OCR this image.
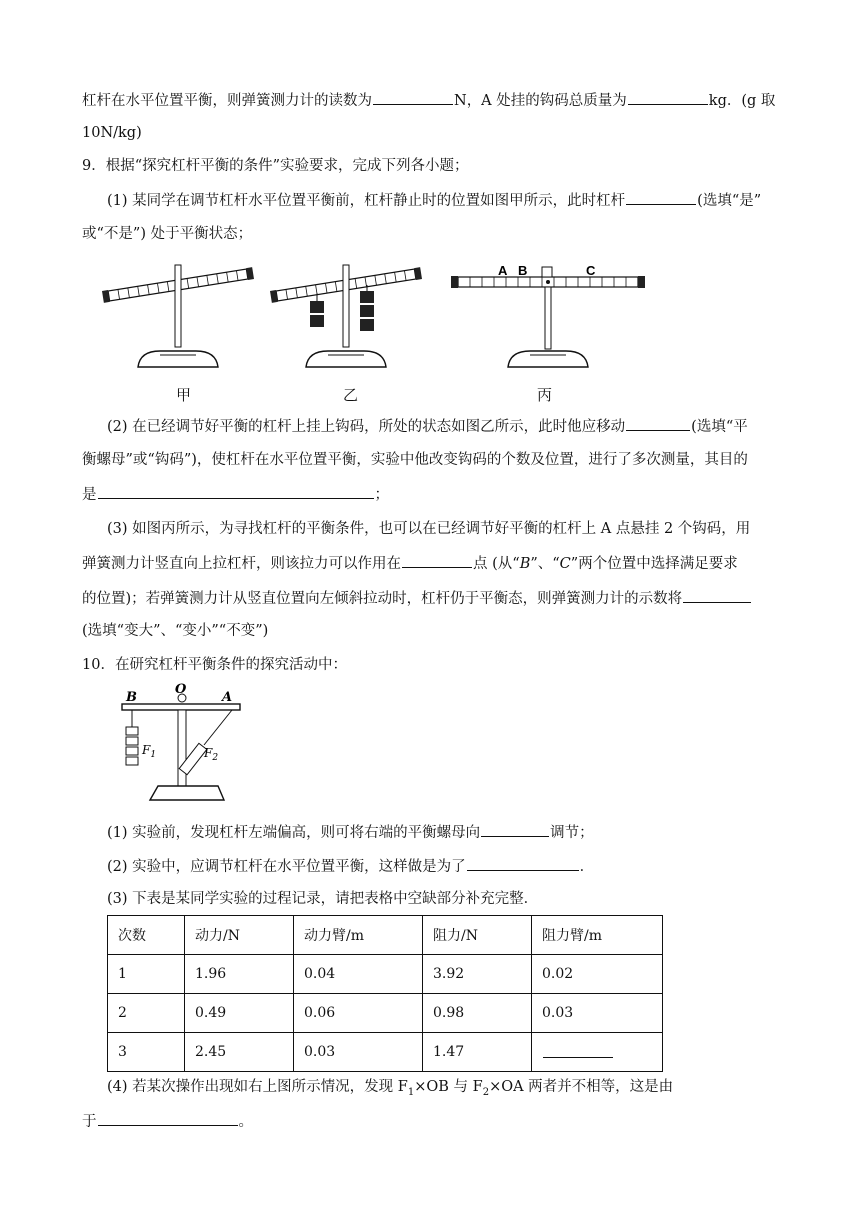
杠杆在水平位置平衡，则弹簧测力计的读数为	N，A 处挂的钩码总质量为	kg．(g 取
10N/kg)
9．根据“探究杠杆平衡的条件”实验要求，完成下列各小题；
(1) 某同学在调节杠杆水平位置平衡前，杠杆静止时的位置如图甲所示，此时杠杆	(选填“是”
或“不是”) 处于平衡状态；
甲	乙
A B	C
丙
(2) 在已经调节好平衡的杠杆上挂上钩码，所处的状态如图乙所示，此时他应移动	(选填“平
衡螺母”或“钩码”)，使杠杆在水平位置平衡，实验中他改变钩码的个数及位置，进行了多次测量，其目的
是	；
(3) 如图丙所示，为寻找杠杆的平衡条件，也可以在已经调节好平衡的杠杆上 A 点悬挂 2 个钩码，用
弹簧测力计竖直向上拉杠杆，则该拉力可以作用在	点 (从“B”、“C”两个位置中选择满足要求
的位置)；若弹簧测力计从竖直位置向左倾斜拉动时，杠杆仍于平衡态，则弹簧测力计的示数将
(选填“变大”、“变小”“不变”)
10．在研究杠杆平衡条件的探究活动中：
B
O
A
$F_1$	$F_2$
(1) 实验前，发现杠杆左端偏高，则可将右端的平衡螺母向	调节；
(2) 实验中，应调节杠杆在水平位置平衡，这样做是为了	．
(3) 下表是某同学实验的过程记录，请把表格中空缺部分补充完整．
次数	动力/N	动力臂/m	阻力/N	阻力臂/m
1	1.96	0.04	3.92	0.02
2	0.49	0.06	0.98	0.03
3	2.45	0.03	1.47	
(4) 若某次操作出现如右上图所示情况，发现 $F_1\times OB$ 与 $F_2\times OA$ 两者并不相等，这是由
于	。
